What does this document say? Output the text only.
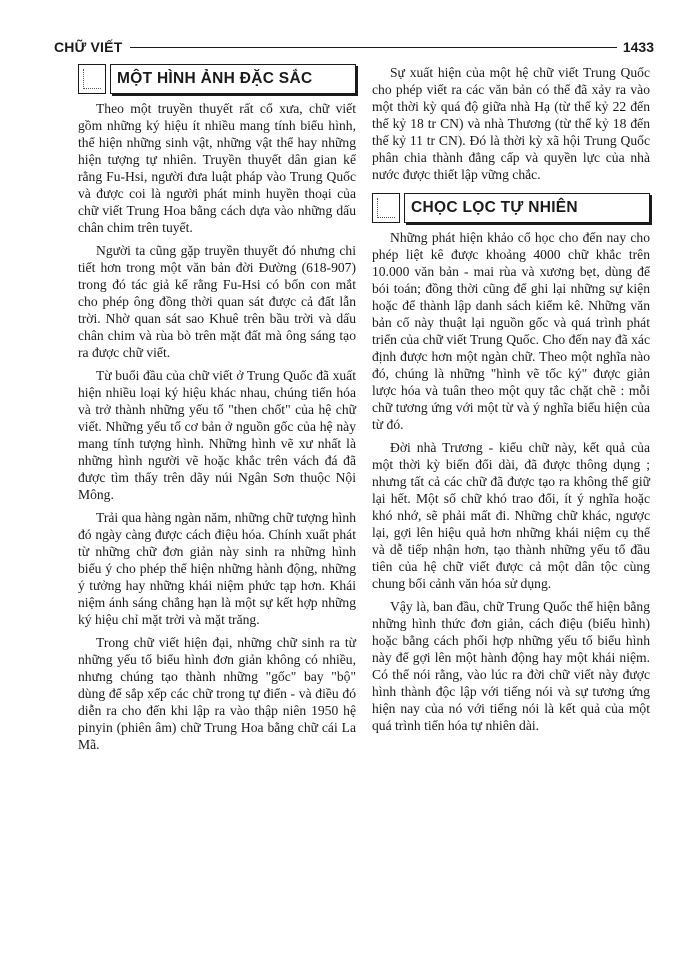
CHỮ VIẾT	1433
MỘT HÌNH ẢNH ĐẶC SẮC

Theo một truyền thuyết rất cổ xưa, chữ viết gồm những ký hiệu ít nhiều mang tính biểu hình, thể hiện những sinh vật, những vật thể hay những hiện tượng tự nhiên. Truyền thuyết dân gian kể rằng Fu-Hsi, người đưa luật pháp vào Trung Quốc và được coi là người phát minh huyền thoại của chữ viết Trung Hoa bằng cách dựa vào những dấu chân chim trên tuyết.

Người ta cũng gặp truyền thuyết đó nhưng chi tiết hơn trong một văn bản đời Đường (618-907) trong đó tác giả kể rằng Fu-Hsi có bốn con mắt cho phép ông đồng thời quan sát được cả đất lẫn trời. Nhờ quan sát sao Khuê trên bầu trời và dấu chân chim và rùa bò trên mặt đất mà ông sáng tạo ra được chữ viết.

Từ buổi đầu của chữ viết ở Trung Quốc đã xuất hiện nhiều loại ký hiệu khác nhau, chúng tiến hóa và trở thành những yếu tố "then chốt" của hệ chữ viết. Những yếu tố cơ bản ở nguồn gốc của hệ này mang tính tượng hình. Những hình vẽ xư nhất là những hình người vẽ hoặc khắc trên vách đá đã được tìm thấy trên dãy núi Ngân Sơn thuộc Nội Mông.

Trải qua hàng ngàn năm, những chữ tượng hình đó ngày càng được cách điệu hóa. Chính xuất phát từ những chữ đơn giản này sinh ra những hình biểu ý cho phép thể hiện những hành động, những ý tưởng hay những khái niệm phức tạp hơn. Khái niệm ánh sáng chẳng hạn là một sự kết hợp những ký hiệu chỉ mặt trời và mặt trăng.

Trong chữ viết hiện đại, những chữ sinh ra từ những yếu tố biểu hình đơn giản không có nhiều, nhưng chúng tạo thành những "gốc" bay "bộ" dùng để sắp xếp các chữ trong tự điển - và điều đó diễn ra cho đến khi lập ra vào thập niên 1950 hệ pinyin (phiên âm) chữ Trung Hoa bằng chữ cái La Mã.

Sự xuất hiện của một hệ chữ viết Trung Quốc cho phép viết ra các văn bản có thể đã xảy ra vào một thời kỳ quá độ giữa nhà Hạ (từ thế kỷ 22 đến thế kỷ 18 tr CN) và nhà Thương (từ thế kỷ 18 đến thế kỷ 11 tr CN). Đó là thời kỳ xã hội Trung Quốc phân chia thành đẳng cấp và quyền lực của nhà nước được thiết lập vững chắc.

CHỌC LỌC TỰ NHIÊN

Những phát hiện khảo cổ học cho đến nay cho phép liệt kê được khoảng 4000 chữ khắc trên 10.000 văn bản - mai rùa và xương bẹt, dùng để bói toán; đồng thời cũng để ghi lại những sự kiện hoặc để thành lập danh sách kiểm kê. Những văn bản cổ này thuật lại nguồn gốc và quá trình phát triển của chữ viết Trung Quốc. Cho đến nay đã xác định được hơn một ngàn chữ. Theo một nghĩa nào đó, chúng là những "hình vẽ tốc ký" được giản lược hóa và tuân theo một quy tắc chặt chẽ : mỗi chữ tương ứng với một từ và ý nghĩa biểu hiện của từ đó.

Đời nhà Trương - kiểu chữ này, kết quả của một thời kỳ biến đổi dài, đã được thông dụng ; nhưng tất cả các chữ đã được tạo ra không thể giữ lại hết. Một số chữ khó trao đổi, ít ý nghĩa hoặc khó nhớ, sẽ phải mất đi. Những chữ khác, ngược lại, gợi lên hiệu quả hơn những khái niệm cụ thể và dễ tiếp nhận hơn, tạo thành những yếu tố đầu tiên của hệ chữ viết được cả một dân tộc cùng chung bối cảnh văn hóa sử dụng.

Vậy là, ban đầu, chữ Trung Quốc thể hiện bằng những hình thức đơn giản, cách điệu (biểu hình) hoặc bằng cách phối hợp những yếu tố biểu hình này để gợi lên một hành động hay một khái niệm. Có thể nói rằng, vào lúc ra đời chữ viết này được hình thành độc lập với tiếng nói và sự tương ứng hiện nay của nó với tiếng nói là kết quả của một quá trình tiến hóa tự nhiên dài.
